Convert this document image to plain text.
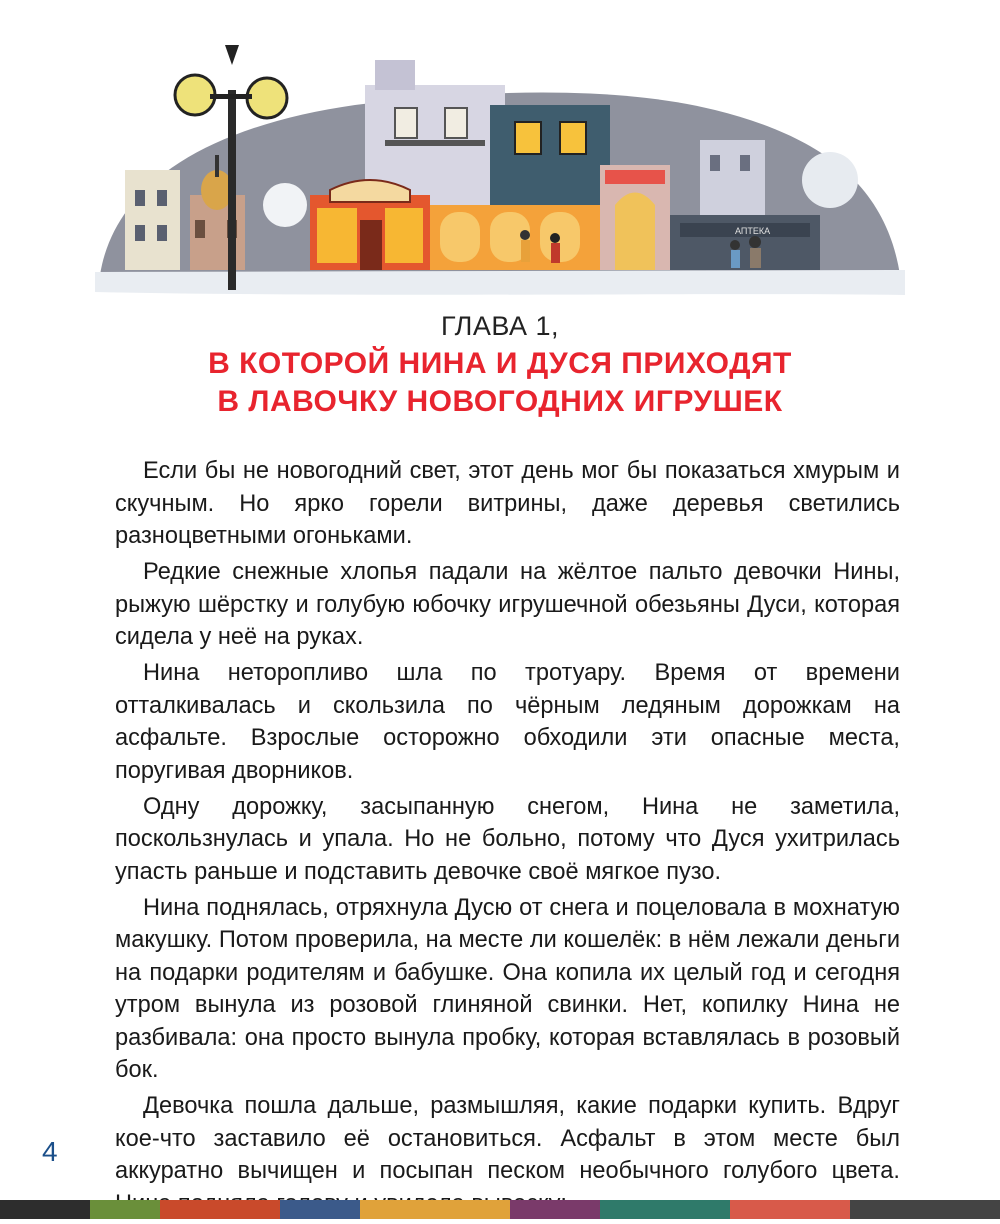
АПТЕКА
ГЛАВА 1,
В КОТОРОЙ НИНА И ДУСЯ ПРИХОДЯТ
В ЛАВОЧКУ НОВОГОДНИХ ИГРУШЕК

Если бы не новогодний свет, этот день мог бы показаться хмурым и скучным. Но ярко горели витрины, даже деревья светились разноцветными огоньками.

Редкие снежные хлопья падали на жёлтое пальто девочки Нины, рыжую шёрстку и голубую юбочку игрушечной обезьяны Дуси, которая сидела у неё на руках.

Нина неторопливо шла по тротуару. Время от времени отталкивалась и скользила по чёрным ледяным дорожкам на асфальте. Взрослые осторожно обходили эти опасные места, поругивая дворников.

Одну дорожку, засыпанную снегом, Нина не заметила, поскользнулась и упала. Но не больно, потому что Дуся ухитрилась упасть раньше и подставить девочке своё мягкое пузо.

Нина поднялась, отряхнула Дусю от снега и поцеловала в мохнатую макушку. Потом проверила, на месте ли кошелёк: в нём лежали деньги на подарки родителям и бабушке. Она копила их целый год и сегодня утром вынула из розовой глиняной свинки. Нет, копилку Нина не разбивала: она просто вынула пробку, которая вставлялась в розовый бок.

Девочка пошла дальше, размышляя, какие подарки купить. Вдруг кое-что заставило её остановиться. Асфальт в этом месте был аккуратно вычищен и посыпан песком необычного голубого цвета.

4
